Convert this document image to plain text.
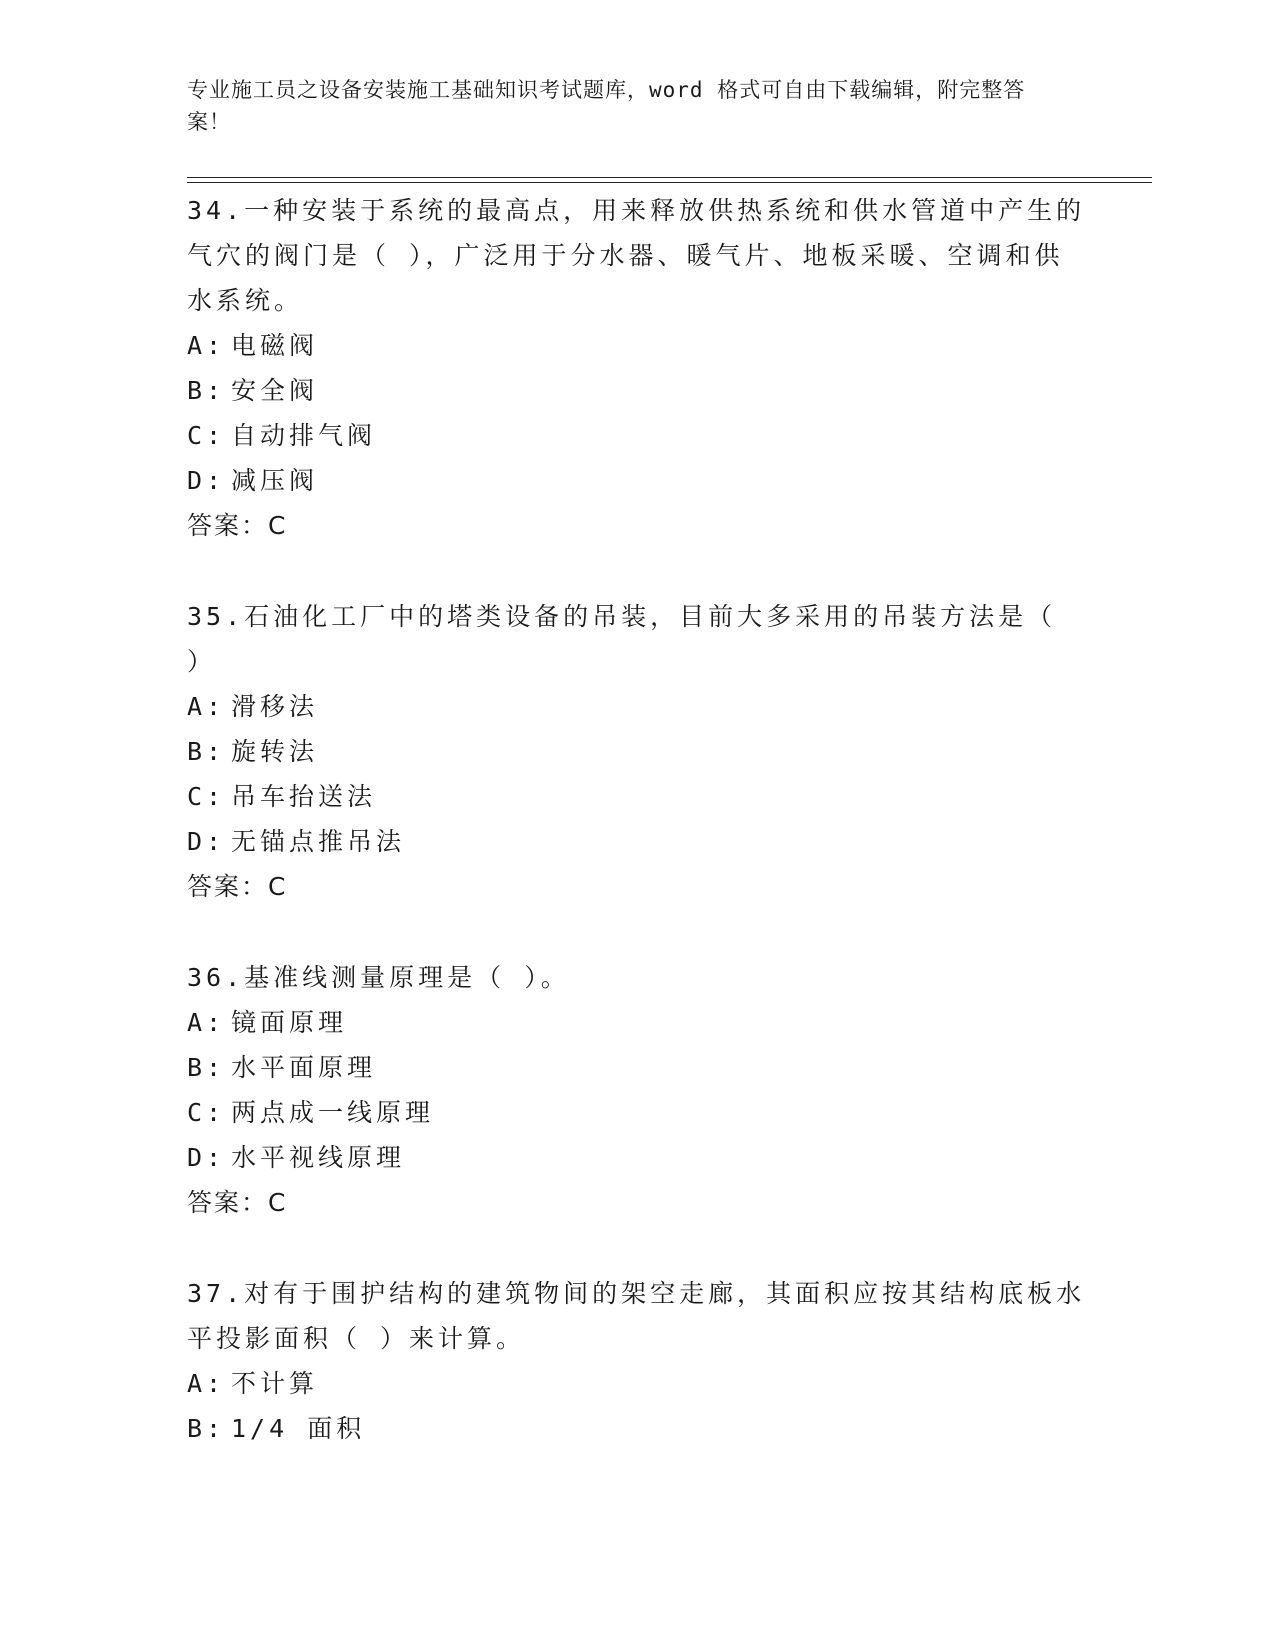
专业施工员之设备安装施工基础知识考试题库，word 格式可自由下载编辑，附完整答案！

34.一种安装于系统的最高点，用来释放供热系统和供水管道中产生的气穴的阀门是（ ），广泛用于分水器、暖气片、地板采暖、空调和供水系统。

A: 电磁阀

B: 安全阀

C: 自动排气阀

D: 减压阀

答案：C

35.石油化工厂中的塔类设备的吊装，目前大多采用的吊装方法是（ ）

A: 滑移法

B: 旋转法

C: 吊车抬送法

D: 无锚点推吊法

答案：C

36.基准线测量原理是（ ）。

A: 镜面原理

B: 水平面原理

C: 两点成一线原理

D: 水平视线原理

答案：C

37.对有于围护结构的建筑物间的架空走廊，其面积应按其结构底板水平投影面积（ ）来计算。

A: 不计算

B: 1/4 面积
